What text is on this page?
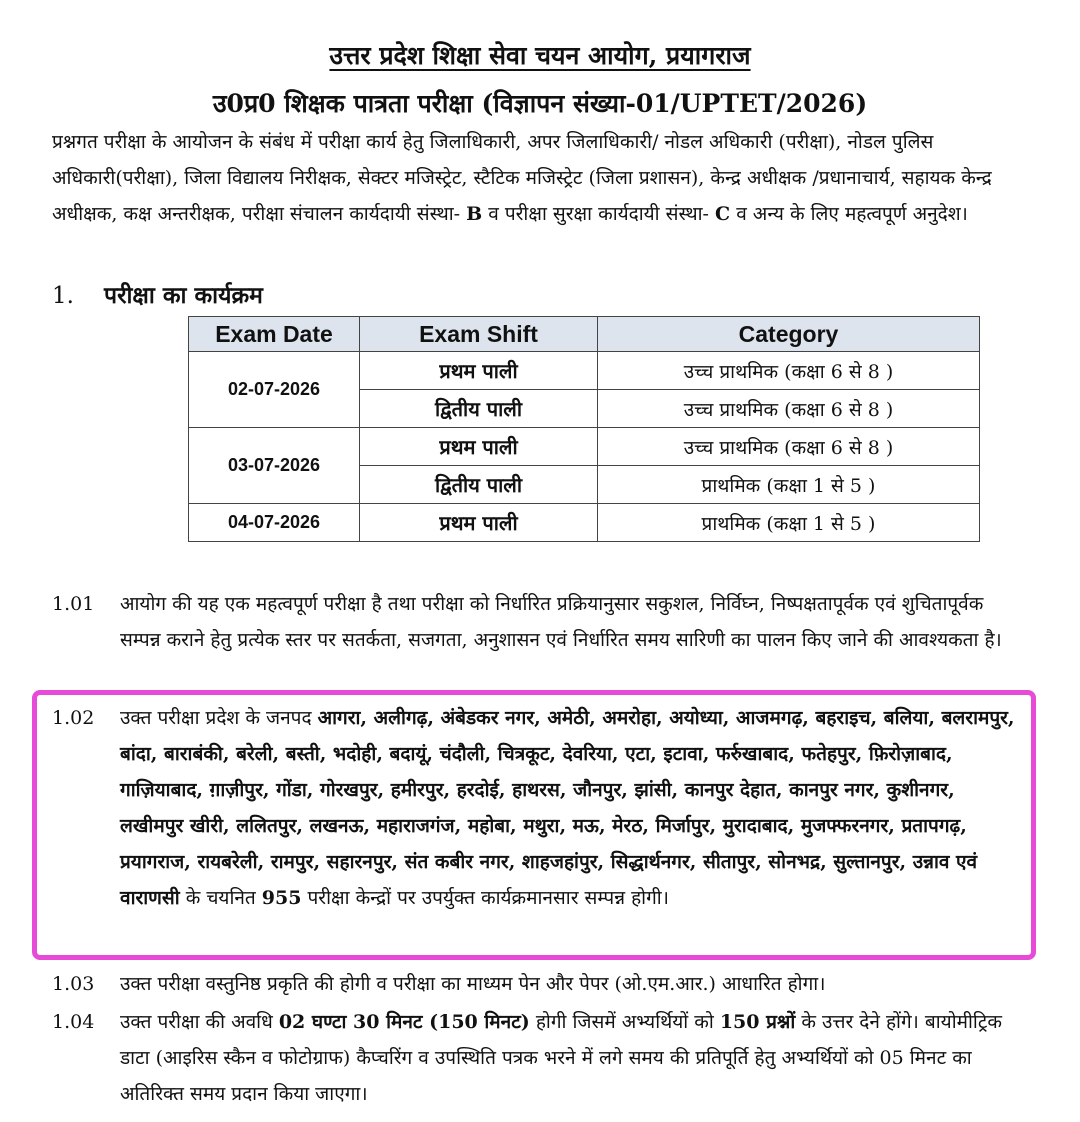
उत्तर प्रदेश शिक्षा सेवा चयन आयोग, प्रयागराज
उ0प्र0 शिक्षक पात्रता परीक्षा (विज्ञापन संख्या-01/UPTET/2026)
प्रश्नगत परीक्षा के आयोजन के संबंध में परीक्षा कार्य हेतु जिलाधिकारी, अपर जिलाधिकारी/ नोडल अधिकारी (परीक्षा), नोडल पुलिस अधिकारी(परीक्षा), जिला विद्यालय निरीक्षक, सेक्टर मजिस्ट्रेट, स्टैटिक मजिस्ट्रेट (जिला प्रशासन), केन्द्र अधीक्षक /प्रधानाचार्य, सहायक केन्द्र अधीक्षक, कक्ष अन्तरीक्षक, परीक्षा संचालन कार्यदायी संस्था- B व परीक्षा सुरक्षा कार्यदायी संस्था- C व अन्य के लिए महत्वपूर्ण अनुदेश।
1. परीक्षा का कार्यक्रम
Exam Date	Exam Shift	Category
02-07-2026	प्रथम पाली	उच्च प्राथमिक (कक्षा 6 से 8 )
	द्वितीय पाली	उच्च प्राथमिक (कक्षा 6 से 8 )
03-07-2026	प्रथम पाली	उच्च प्राथमिक (कक्षा 6 से 8 )
	द्वितीय पाली	प्राथमिक (कक्षा 1 से 5 )
04-07-2026	प्रथम पाली	प्राथमिक (कक्षा 1 से 5 )
1.01 आयोग की यह एक महत्वपूर्ण परीक्षा है तथा परीक्षा को निर्धारित प्रक्रियानुसार सकुशल, निर्विघ्न, निष्पक्षतापूर्वक एवं शुचितापूर्वक सम्पन्न कराने हेतु प्रत्येक स्तर पर सतर्कता, सजगता, अनुशासन एवं निर्धारित समय सारिणी का पालन किए जाने की आवश्यकता है।
1.02 उक्त परीक्षा प्रदेश के जनपद आगरा, अलीगढ़, अंबेडकर नगर, अमेठी, अमरोहा, अयोध्या, आजमगढ़, बहराइच, बलिया, बलरामपुर, बांदा, बाराबंकी, बरेली, बस्ती, भदोही, बदायूं, चंदौली, चित्रकूट, देवरिया, एटा, इटावा, फर्रुखाबाद, फतेहपुर, फ़िरोज़ाबाद, गाज़ियाबाद, ग़ाज़ीपुर, गोंडा, गोरखपुर, हमीरपुर, हरदोई, हाथरस, जौनपुर, झांसी, कानपुर देहात, कानपुर नगर, कुशीनगर, लखीमपुर खीरी, ललितपुर, लखनऊ, महाराजगंज, महोबा, मथुरा, मऊ, मेरठ, मिर्जापुर, मुरादाबाद, मुजफ्फरनगर, प्रतापगढ़, प्रयागराज, रायबरेली, रामपुर, सहारनपुर, संत कबीर नगर, शाहजहांपुर, सिद्धार्थनगर, सीतापुर, सोनभद्र, सुल्तानपुर, उन्नाव एवं वाराणसी के चयनित 955 परीक्षा केन्द्रों पर उपर्युक्त कार्यक्रमानसार सम्पन्न होगी।
1.03 उक्त परीक्षा वस्तुनिष्ठ प्रकृति की होगी व परीक्षा का माध्यम पेन और पेपर (ओ.एम.आर.) आधारित होगा।
1.04 उक्त परीक्षा की अवधि 02 घण्टा 30 मिनट (150 मिनट) होगी जिसमें अभ्यर्थियों को 150 प्रश्नों के उत्तर देने होंगे। बायोमीट्रिक डाटा (आइरिस स्कैन व फोटोग्राफ) कैप्चरिंग व उपस्थिति पत्रक भरने में लगे समय की प्रतिपूर्ति हेतु अभ्यर्थियों को 05 मिनट का अतिरिक्त समय प्रदान किया जाएगा।
